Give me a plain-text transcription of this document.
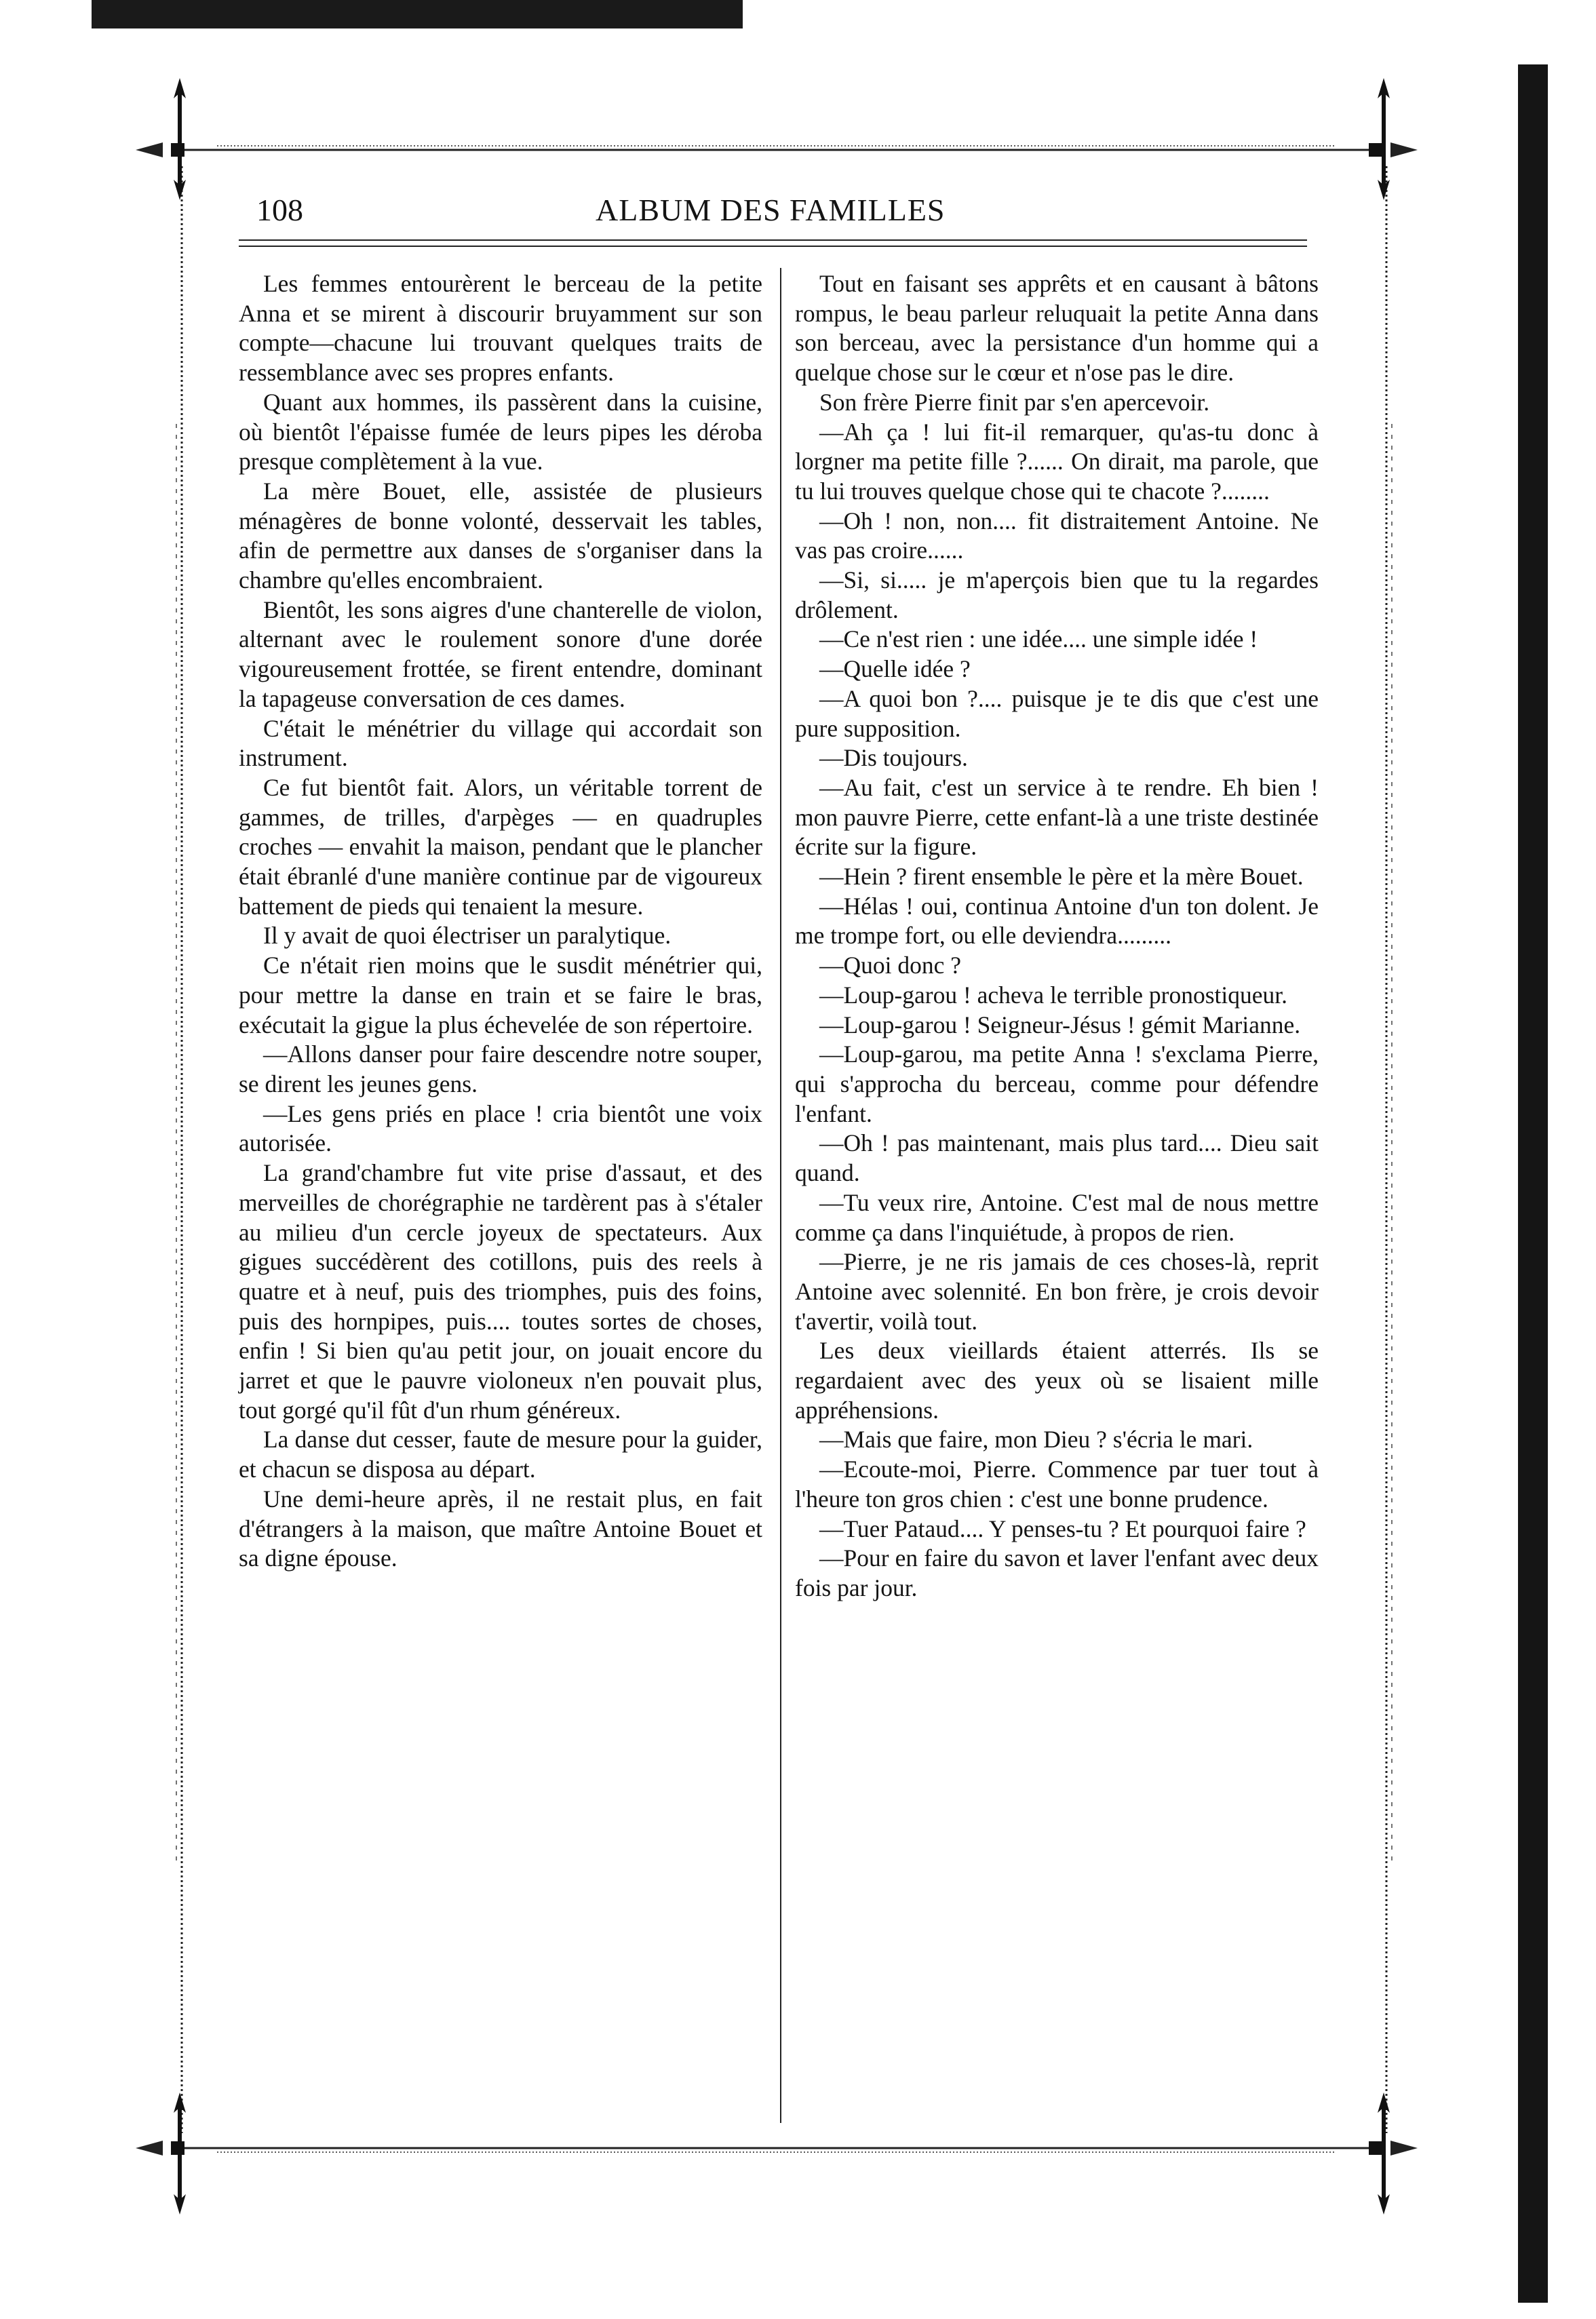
108	ALBUM DES FAMILLES

Les femmes entourèrent le berceau de la petite Anna et se mirent à discourir bruyamment sur son compte—chacune lui trouvant quelques traits de ressemblance avec ses propres enfants.

Quant aux hommes, ils passèrent dans la cuisine, où bientôt l'épaisse fumée de leurs pipes les déroba presque complètement à la vue.

La mère Bouet, elle, assistée de plusieurs ménagères de bonne volonté, desservait les tables, afin de permettre aux danses de s'organiser dans la chambre qu'elles encombraient.

Bientôt, les sons aigres d'une chanterelle de violon, alternant avec le roulement sonore d'une dorée vigoureusement frottée, se firent entendre, dominant la tapageuse conversation de ces dames.

C'était le ménétrier du village qui accordait son instrument.

Ce fut bientôt fait. Alors, un véritable torrent de gammes, de trilles, d'arpèges — en quadruples croches — envahit la maison, pendant que le plancher était ébranlé d'une manière continue par de vigoureux battement de pieds qui tenaient la mesure.

Il y avait de quoi électriser un paralytique.

Ce n'était rien moins que le susdit ménétrier qui, pour mettre la danse en train et se faire le bras, exécutait la gigue la plus échevelée de son répertoire.

—Allons danser pour faire descendre notre souper, se dirent les jeunes gens.

—Les gens priés en place ! cria bientôt une voix autorisée.

La grand'chambre fut vite prise d'assaut, et des merveilles de chorégraphie ne tardèrent pas à s'étaler au milieu d'un cercle joyeux de spectateurs. Aux gigues succédèrent des cotillons, puis des reels à quatre et à neuf, puis des triomphes, puis des foins, puis des hornpipes, puis.... toutes sortes de choses, enfin ! Si bien qu'au petit jour, on jouait encore du jarret et que le pauvre violoneux n'en pouvait plus, tout gorgé qu'il fût d'un rhum généreux.

La danse dut cesser, faute de mesure pour la guider, et chacun se disposa au départ.

Une demi-heure après, il ne restait plus, en fait d'étrangers à la maison, que maître Antoine Bouet et sa digne épouse.

Tout en faisant ses apprêts et en causant à bâtons rompus, le beau parleur reluquait la petite Anna dans son berceau, avec la persistance d'un homme qui a quelque chose sur le cœur et n'ose pas le dire.

Son frère Pierre finit par s'en apercevoir.

—Ah ça ! lui fit-il remarquer, qu'as-tu donc à lorgner ma petite fille ?...... On dirait, ma parole, que tu lui trouves quelque chose qui te chacote ?........

—Oh ! non, non.... fit distraitement Antoine. Ne vas pas croire......

—Si, si..... je m'aperçois bien que tu la regardes drôlement.

—Ce n'est rien : une idée.... une simple idée !

—Quelle idée ?

—A quoi bon ?.... puisque je te dis que c'est une pure supposition.

—Dis toujours.

—Au fait, c'est un service à te rendre. Eh bien ! mon pauvre Pierre, cette enfant-là a une triste destinée écrite sur la figure.

—Hein ? firent ensemble le père et la mère Bouet.

—Hélas ! oui, continua Antoine d'un ton dolent. Je me trompe fort, ou elle deviendra.........

—Quoi donc ?

—Loup-garou ! acheva le terrible pronostiqueur.

—Loup-garou ! Seigneur-Jésus ! gémit Marianne.

—Loup-garou, ma petite Anna ! s'exclama Pierre, qui s'approcha du berceau, comme pour défendre l'enfant.

—Oh ! pas maintenant, mais plus tard.... Dieu sait quand.

—Tu veux rire, Antoine. C'est mal de nous mettre comme ça dans l'inquiétude, à propos de rien.

—Pierre, je ne ris jamais de ces choses-là, reprit Antoine avec solennité. En bon frère, je crois devoir t'avertir, voilà tout.

Les deux vieillards étaient atterrés. Ils se regardaient avec des yeux où se lisaient mille appréhensions.

—Mais que faire, mon Dieu ? s'écria le mari.

—Ecoute-moi, Pierre. Commence par tuer tout à l'heure ton gros chien : c'est une bonne prudence.

—Tuer Pataud.... Y penses-tu ? Et pourquoi faire ?

—Pour en faire du savon et laver l'enfant avec deux fois par jour.
